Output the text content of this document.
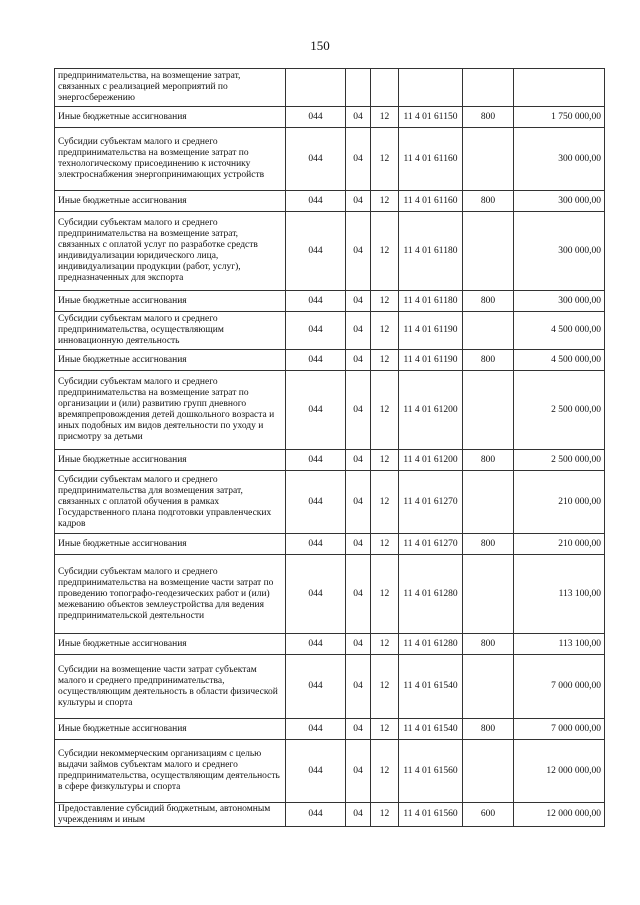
150
предпринимательства, на возмещение затрат, связанных с реализацией мероприятий по энергосбережению						
Иные бюджетные ассигнования	044	04	12	11 4 01 61150	800	1 750 000,00
Субсидии субъектам малого и среднего предпринимательства на возмещение затрат по технологическому присоединению к источнику электроснабжения энергопринимающих устройств	044	04	12	11 4 01 61160		300 000,00
Иные бюджетные ассигнования	044	04	12	11 4 01 61160	800	300 000,00
Субсидии субъектам малого и среднего предпринимательства на возмещение затрат, связанных с оплатой услуг по разработке средств индивидуализации юридического лица, индивидуализации продукции (работ, услуг), предназначенных для экспорта	044	04	12	11 4 01 61180		300 000,00
Иные бюджетные ассигнования	044	04	12	11 4 01 61180	800	300 000,00
Субсидии субъектам малого и среднего предпринимательства, осуществляющим инновационную деятельность	044	04	12	11 4 01 61190		4 500 000,00
Иные бюджетные ассигнования	044	04	12	11 4 01 61190	800	4 500 000,00
Субсидии субъектам малого и среднего предпринимательства на возмещение затрат по организации и (или) развитию групп дневного времяпрепровождения детей дошкольного возраста и иных подобных им видов деятельности по уходу и присмотру за детьми	044	04	12	11 4 01 61200		2 500 000,00
Иные бюджетные ассигнования	044	04	12	11 4 01 61200	800	2 500 000,00
Субсидии субъектам малого и среднего предпринимательства для возмещения затрат, связанных с оплатой обучения в рамках Государственного плана подготовки управленческих кадров	044	04	12	11 4 01 61270		210 000,00
Иные бюджетные ассигнования	044	04	12	11 4 01 61270	800	210 000,00
Субсидии субъектам малого и среднего предпринимательства на возмещение части затрат по проведению топографо-геодезических работ и (или) межеванию объектов землеустройства для ведения предпринимательской деятельности	044	04	12	11 4 01 61280		113 100,00
Иные бюджетные ассигнования	044	04	12	11 4 01 61280	800	113 100,00
Субсидии на возмещение части затрат субъектам малого и среднего предпринимательства, осуществляющим деятельность в области физической культуры и спорта	044	04	12	11 4 01 61540		7 000 000,00
Иные бюджетные ассигнования	044	04	12	11 4 01 61540	800	7 000 000,00
Субсидии некоммерческим организациям с целью выдачи займов субъектам малого и среднего предпринимательства, осуществляющим деятельность в сфере физкультуры и спорта	044	04	12	11 4 01 61560		12 000 000,00
Предоставление субсидий бюджетным, автономным учреждениям и иным	044	04	12	11 4 01 61560	600	12 000 000,00
